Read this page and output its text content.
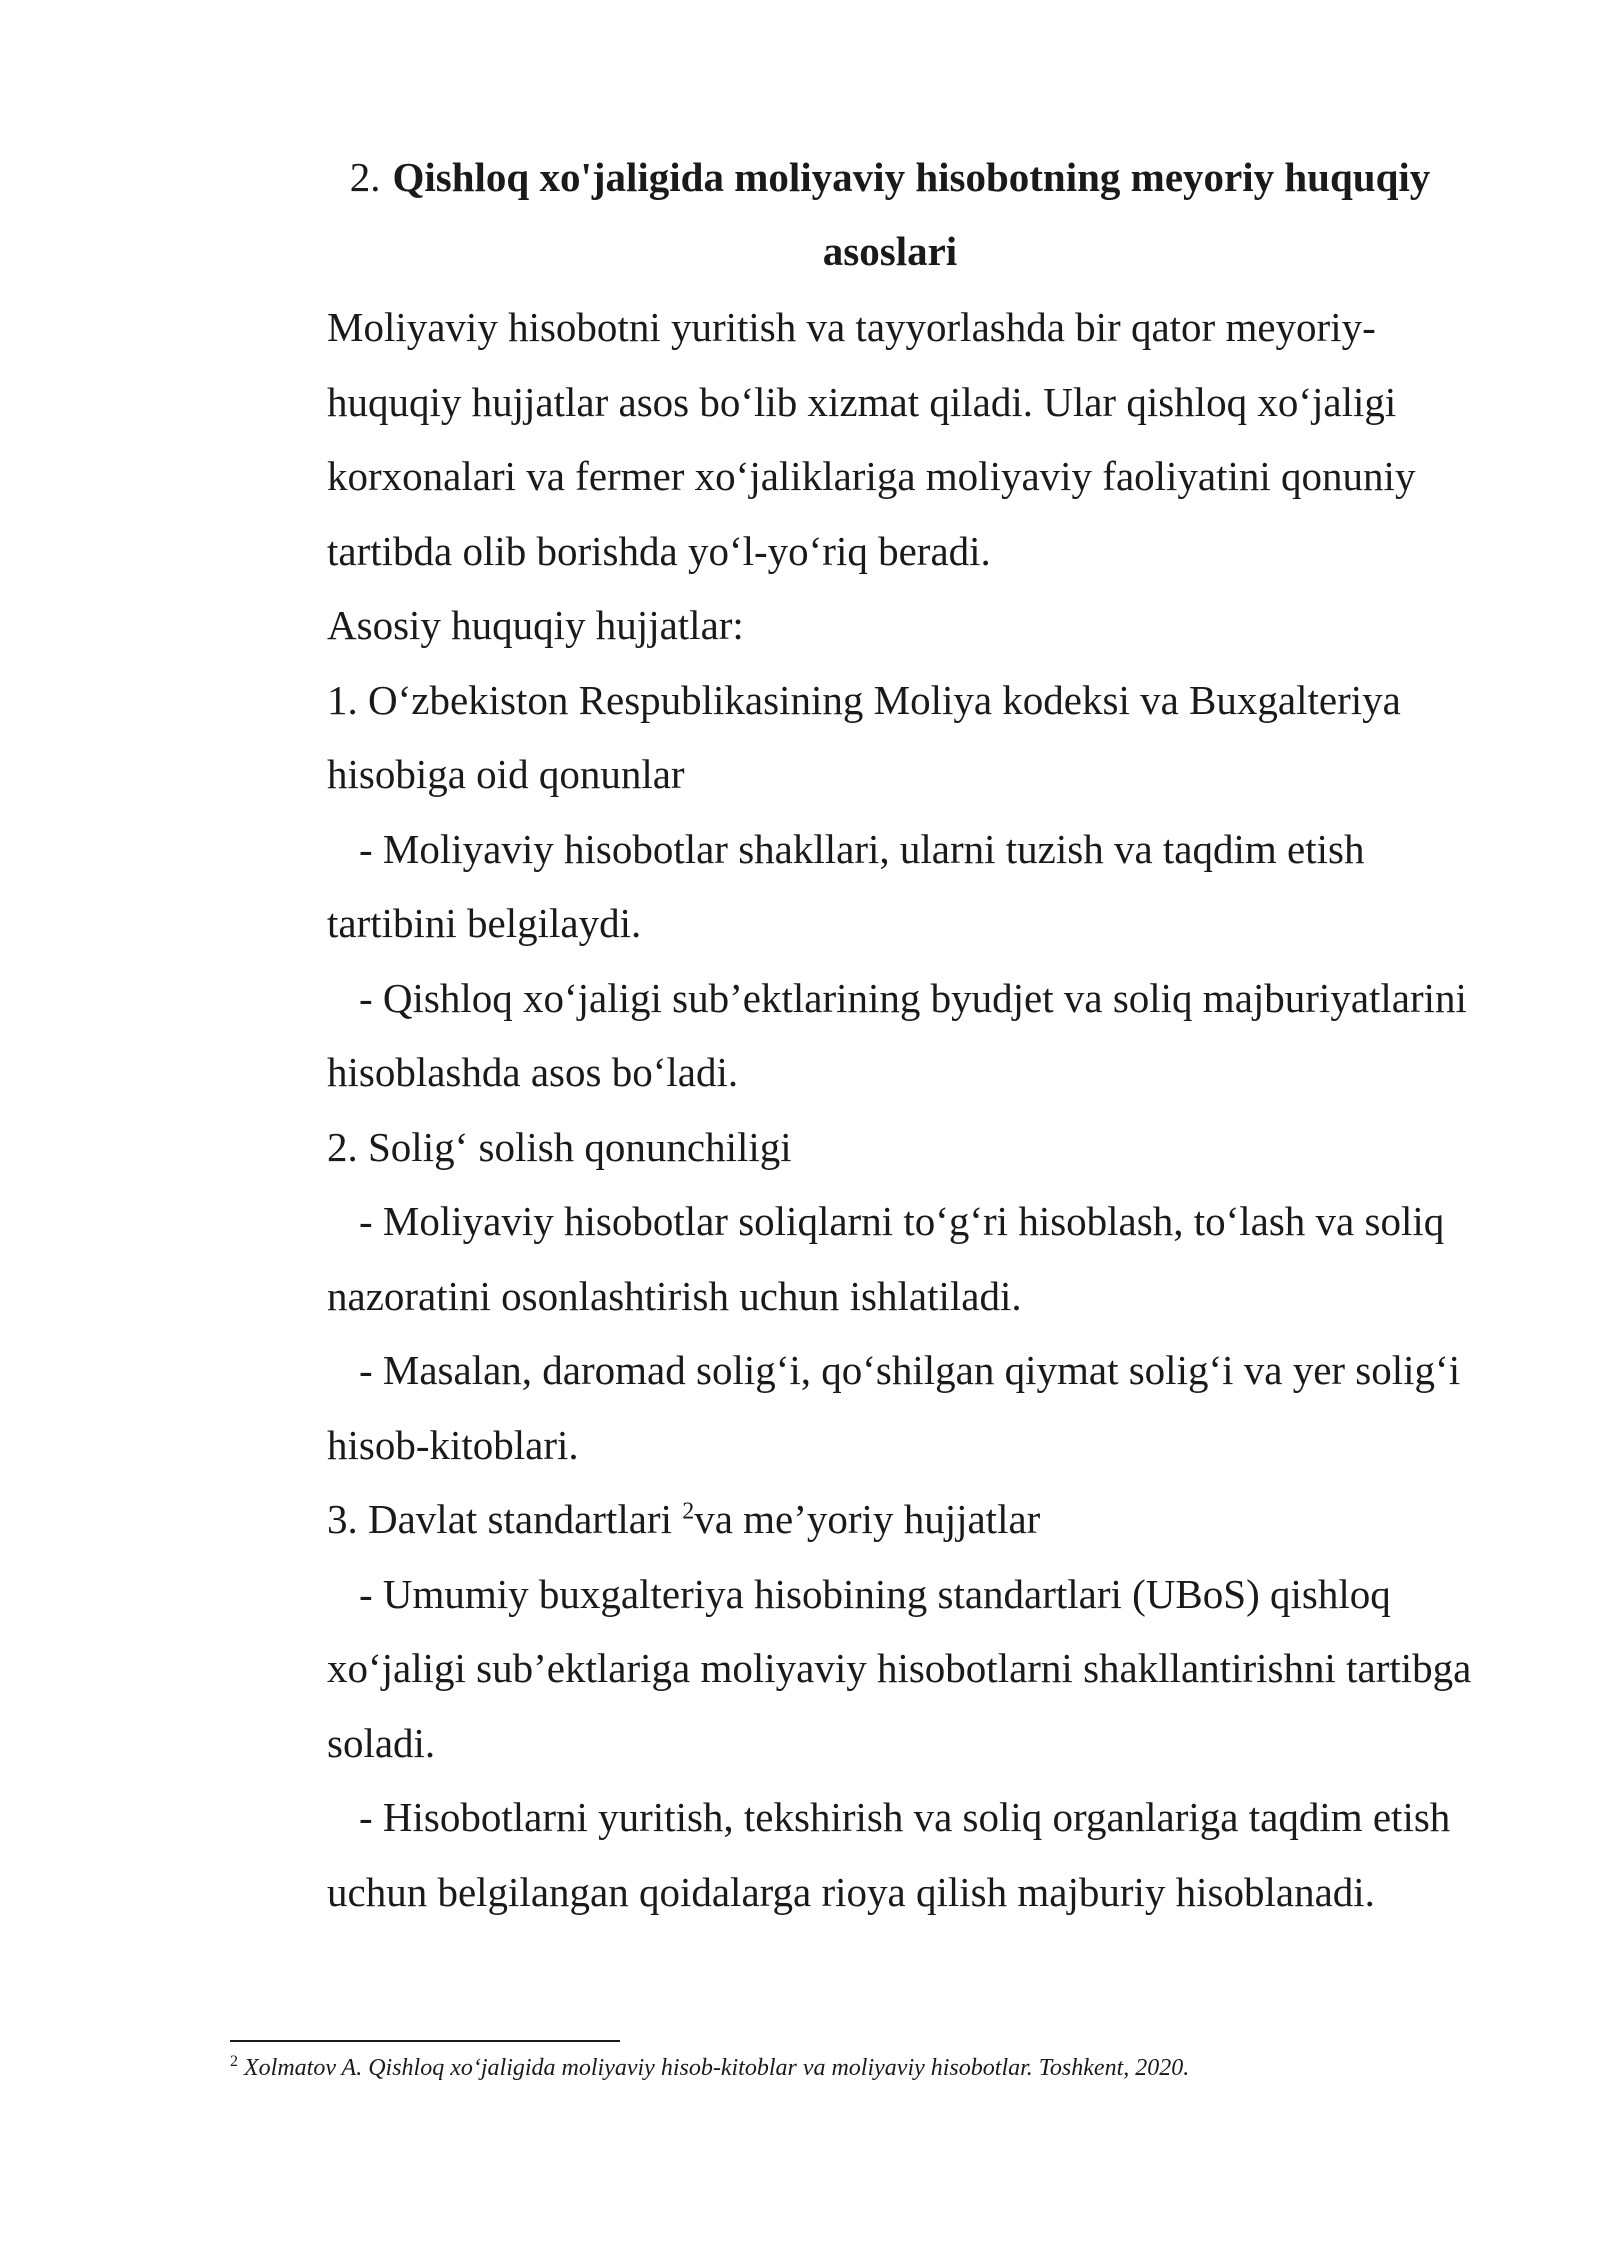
2. Qishloq xo'jaligida moliyaviy hisobotning meyoriy huquqiy
asoslari

Moliyaviy hisobotni yuritish va tayyorlashda bir qator meyoriy-huquqiy hujjatlar asos bo‘lib xizmat qiladi. Ular qishloq xo‘jaligi korxonalari va fermer xo‘jaliklariga moliyaviy faoliyatini qonuniy tartibda olib borishda yo‘l-yo‘riq beradi.

Asosiy huquqiy hujjatlar:

1. O‘zbekiston Respublikasining Moliya kodeksi va Buxgalteriya hisobiga oid qonunlar

- Moliyaviy hisobotlar shakllari, ularni tuzish va taqdim etish tartibini belgilaydi.

- Qishloq xo‘jaligi sub’ektlarining byudjet va soliq majburiyatlarini hisoblashda asos bo‘ladi.

2. Solig‘ solish qonunchiligi

- Moliyaviy hisobotlar soliqlarni to‘g‘ri hisoblash, to‘lash va soliq nazoratini osonlashtirish uchun ishlatiladi.

- Masalan, daromad solig‘i, qo‘shilgan qiymat solig‘i va yer solig‘i hisob-kitoblari.

3. Davlat standartlari $^2$va me’yoriy hujjatlar

- Umumiy buxgalteriya hisobining standartlari (UBoS) qishloq xo‘jaligi sub’ektlariga moliyaviy hisobotlarni shakllantirishni tartibga soladi.

- Hisobotlarni yuritish, tekshirish va soliq organlariga taqdim etish uchun belgilangan qoidalarga rioya qilish majburiy hisoblanadi.

$^2$ Xolmatov A. Qishloq xo‘jaligida moliyaviy hisob-kitoblar va moliyaviy hisobotlar. Toshkent, 2020.
